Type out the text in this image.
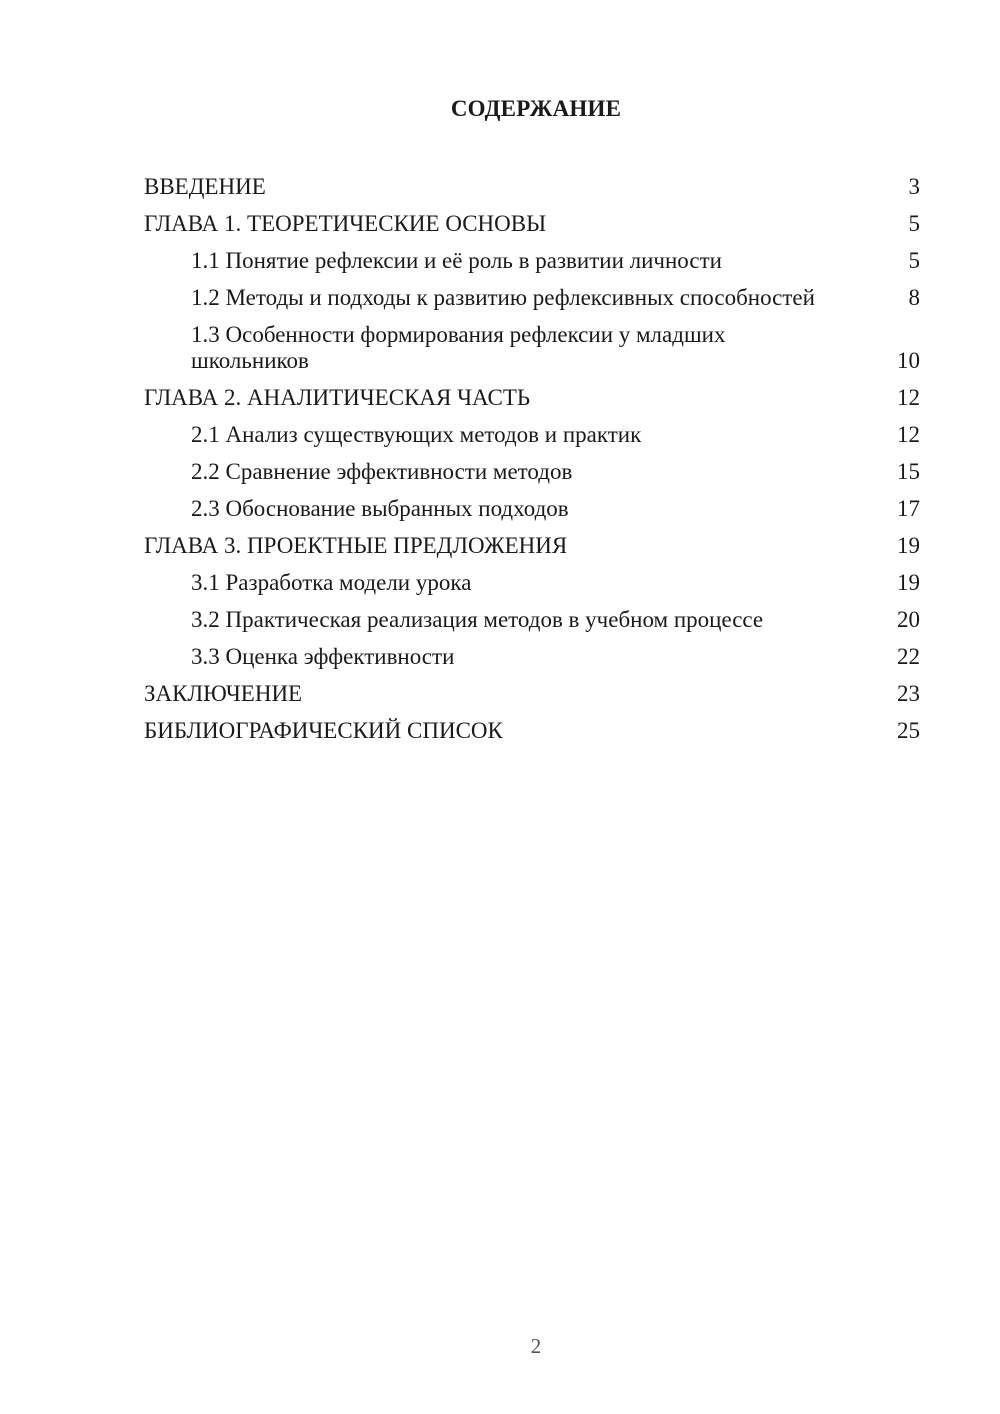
СОДЕРЖАНИЕ
ВВЕДЕНИЕ	3
ГЛАВА 1. ТЕОРЕТИЧЕСКИЕ ОСНОВЫ	5
1.1 Понятие рефлексии и её роль в развитии личности	5
1.2 Методы и подходы к развитию рефлексивных способностей	8
1.3 Особенности формирования рефлексии у младших школьников	10
ГЛАВА 2. АНАЛИТИЧЕСКАЯ ЧАСТЬ	12
2.1 Анализ существующих методов и практик	12
2.2 Сравнение эффективности методов	15
2.3 Обоснование выбранных подходов	17
ГЛАВА 3. ПРОЕКТНЫЕ ПРЕДЛОЖЕНИЯ	19
3.1 Разработка модели урока	19
3.2 Практическая реализация методов в учебном процессе	20
3.3 Оценка эффективности	22
ЗАКЛЮЧЕНИЕ	23
БИБЛИОГРАФИЧЕСКИЙ СПИСОК	25
2
